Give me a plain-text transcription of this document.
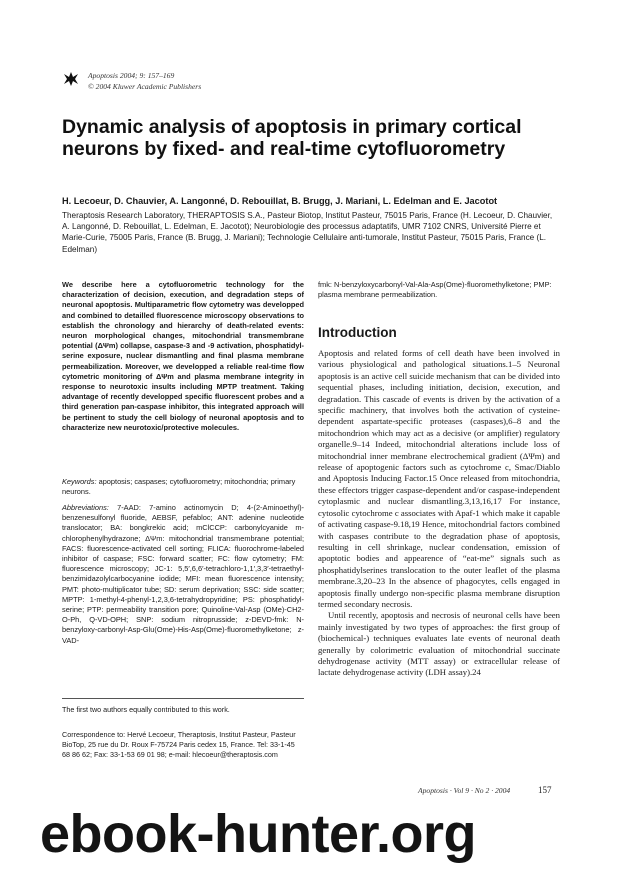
Apoptosis 2004; 9: 157–169
© 2004 Kluwer Academic Publishers
Dynamic analysis of apoptosis in primary cortical neurons by fixed- and real-time cytofluorometry
H. Lecoeur, D. Chauvier, A. Langonné, D. Rebouillat, B. Brugg, J. Mariani, L. Edelman and E. Jacotot
Theraptosis Research Laboratory, THERAPTOSIS S.A., Pasteur Biotop, Institut Pasteur, 75015 Paris, France (H. Lecoeur, D. Chauvier, A. Langonné, D. Rebouillat, L. Edelman, E. Jacotot); Neurobiologie des processus adaptatifs, UMR 7102 CNRS, Université Pierre et Marie-Curie, 75005 Paris, France (B. Brugg, J. Mariani); Technologie Cellulaire anti-tumorale, Institut Pasteur, 75015 Paris, France (L. Edelman)
We describe here a cytofluorometric technology for the characterization of decision, execution, and degradation steps of neuronal apoptosis. Multiparametric flow cytometry was developped and combined to detailled fluorescence microscopy observations to establish the chronology and hierarchy of death-related events: neuron morphological changes, mitochondrial transmembrane potential (ΔΨm) collapse, caspase-3 and -9 activation, phosphatidyl-serine exposure, nuclear dismantling and final plasma membrane permeabilization. Moreover, we developped a reliable real-time flow cytometric monitoring of ΔΨm and plasma membrane integrity in response to neurotoxic insults including MPTP treatment. Taking advantage of recently developped specific fluorescent probes and a third generation pan-caspase inhibitor, this integrated approach will be pertinent to study the cell biology of neuronal apoptosis and to characterize new neurotoxic/protective molecules.
Keywords: apoptosis; caspases; cytofluorometry; mitochondria; primary neurons.
Abbreviations: 7-AAD: 7-amino actinomycin D; 4-(2-Aminoethyl)-benzenesulfonyl fluoride, AEBSF, pefabloc; ANT: adenine nucleotide translocator; BA: bongkrekic acid; mClCCP: carbonylcyanide m-chlorophenylhydrazone; ΔΨm: mitochondrial transmembrane potential; FACS: fluorescence-activated cell sorting; FLICA: fluorochrome-labeled inhibitor of caspase; FSC: forward scatter; FC: flow cytometry; FM: fluorescence microscopy; JC-1: 5,5′,6,6′-tetrachloro-1,1′,3,3′-tetraethyl-benzimidazolylcarbocyanine iodide; MFI: mean fluorescence intensity; PMT: photo-multiplicator tube; SD: serum deprivation; SSC: side scatter; MPTP: 1-methyl-4-phenyl-1,2,3,6-tetrahydropyridine; PS: phosphatidyl-serine; PTP: permeability transition pore; Quinoline-Val-Asp (OMe)-CH2-O-Ph, Q-VD-OPH; SNP: sodium nitroprusside; z-DEVD-fmk: N-benzyloxy-carbonyl-Asp-Glu(Ome)-His-Asp(Ome)-fluoromethylketone; z-VAD-
The first two authors equally contributed to this work.
Correspondence to: Hervé Lecoeur, Theraptosis, Institut Pasteur, Pasteur BioTop, 25 rue du Dr. Roux F-75724 Paris cedex 15, France. Tel: 33-1-45 68 86 62; Fax: 33-1-53 69 01 98; e-mail: hlecoeur@theraptosis.com
fmk: N-benzyloxycarbonyl-Val-Ala-Asp(Ome)-fluoromethylketone; PMP: plasma membrane permeabilization.
Introduction

Apoptosis and related forms of cell death have been involved in various physiological and pathological situations.1–5 Neuronal apoptosis is an active cell suicide mechanism that can be divided into sequential phases, including initiation, decision, execution, and degradation. This cascade of events is driven by the activation of a specific machinery, that involves both the activation of cysteine-dependent aspartate-specific proteases (caspases),6–8 and the mitochondrion which may act as a decisive (or amplifier) regulatory organelle.9–14 Indeed, mitochondrial alterations include loss of mitochondrial inner membrane electrochemical gradient (ΔΨm) and release of apoptogenic factors such as cytochrome c, Smac/Diablo and Apoptosis Inducing Factor.15 Once released from mitochondria, these effectors trigger caspase-dependent and/or caspase-independent cytoplasmic and nuclear dismantling.3,13,16,17 For instance, cytosolic cytochrome c associates with Apaf-1 which make it capable of activating caspase-9.18,19 Hence, mitochondrial factors combined with caspases contribute to the degradation phase of apoptosis, resulting in cell shrinkage, nuclear condensation, emission of apoptotic bodies and appearence of “eat-me” signals such as phosphatidylserines translocation to the outer leaflet of the plasma membrane.3,20–23 In the absence of phagocytes, cells engaged in apoptosis finally undergo non-specific plasma membrane disruption termed secondary necrosis.

Until recently, apoptosis and necrosis of neuronal cells have been mainly investigated by two types of approaches: the first group of (biochemical-) techniques evaluates late events of neuronal death generally by colorimetric evaluation of mitochondrial succinate dehydrogenase activity (MTT assay) or extracellular release of lactate dehydrogenase activity (LDH assay).24

Apoptosis · Vol 9 · No 2 · 2004	157
ebook-hunter.org
